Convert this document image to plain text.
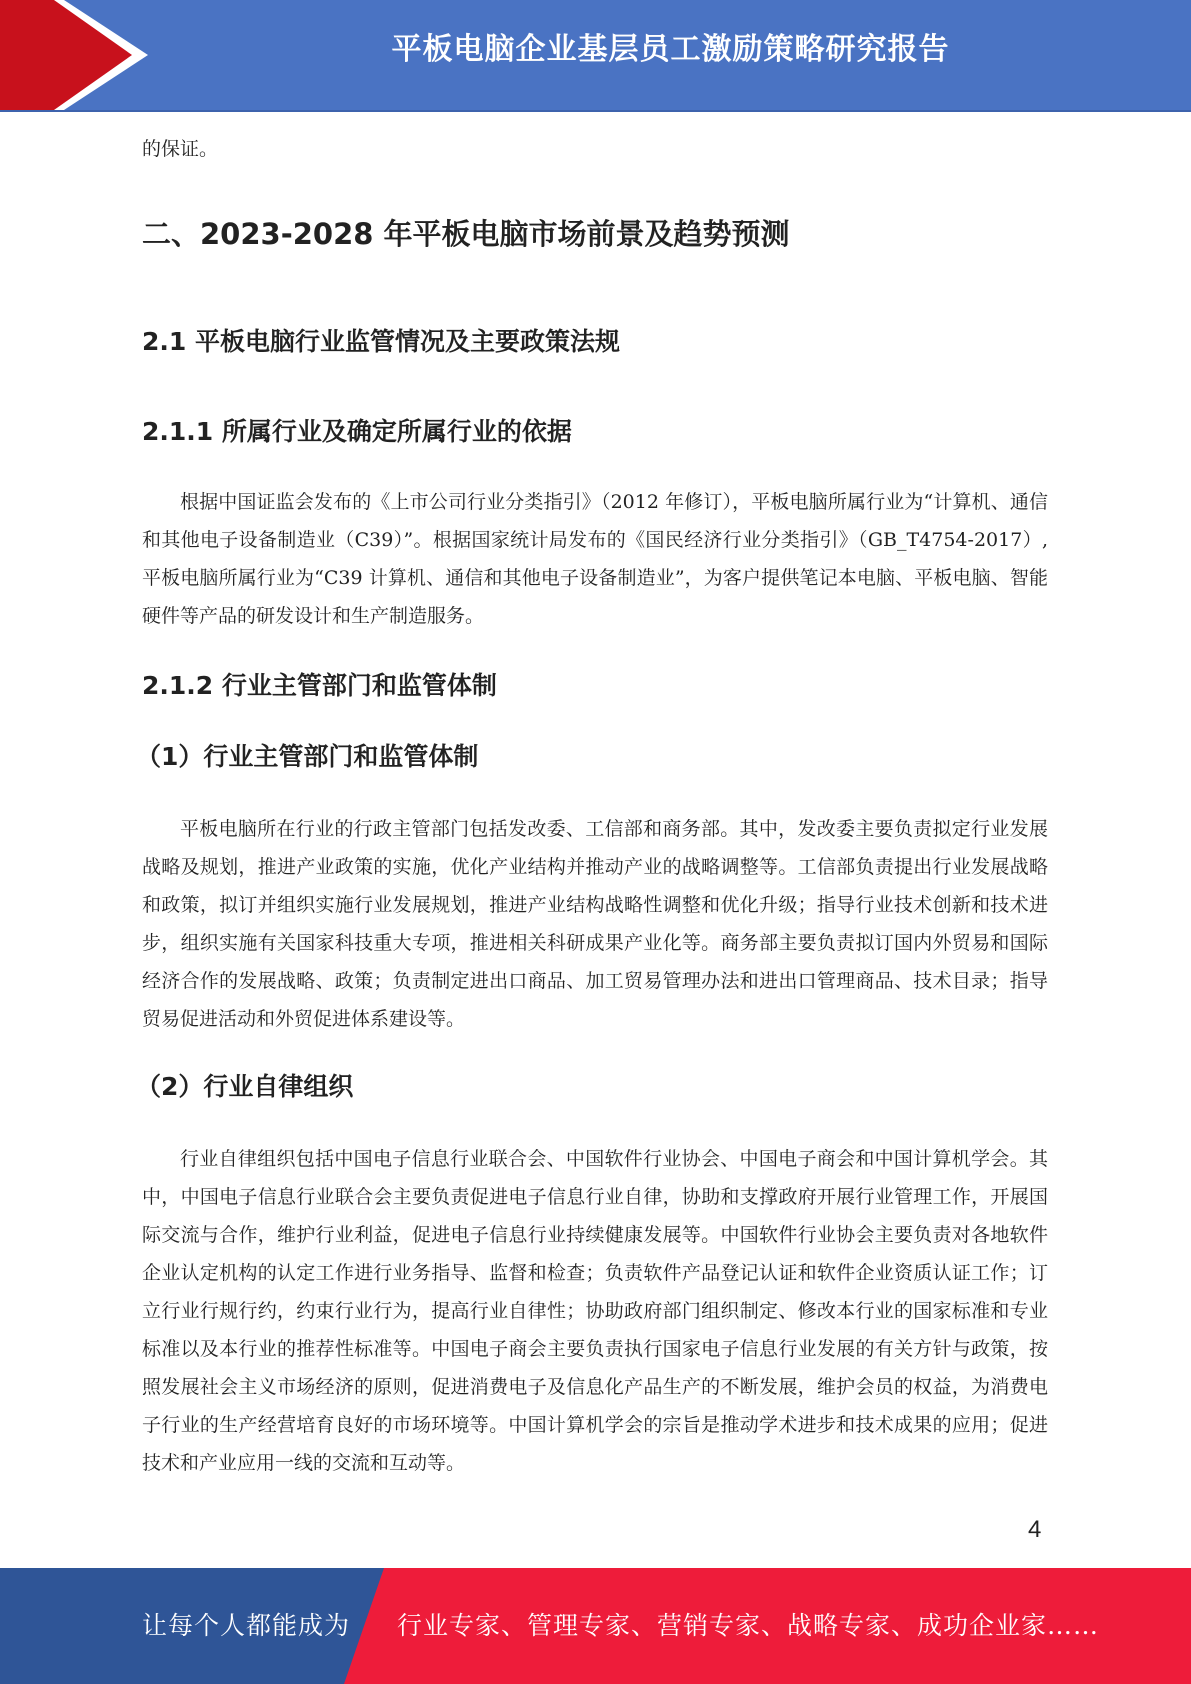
平板电脑企业基层员工激励策略研究报告

的保证。

二、2023-2028 年平板电脑市场前景及趋势预测
2.1 平板电脑行业监管情况及主要政策法规
2.1.1 所属行业及确定所属行业的依据

根据中国证监会发布的《上市公司行业分类指引》（2012 年修订），平板电脑所属行业为“计算机、通信和其他电子设备制造业（C39）”。根据国家统计局发布的《国民经济行业分类指引》（GB_T4754-2017）,平板电脑所属行业为“C39 计算机、通信和其他电子设备制造业”，为客户提供笔记本电脑、平板电脑、智能硬件等产品的研发设计和生产制造服务。

2.1.2 行业主管部门和监管体制
（1）行业主管部门和监管体制

平板电脑所在行业的行政主管部门包括发改委、工信部和商务部。其中，发改委主要负责拟定行业发展战略及规划，推进产业政策的实施，优化产业结构并推动产业的战略调整等。工信部负责提出行业发展战略和政策，拟订并组织实施行业发展规划，推进产业结构战略性调整和优化升级；指导行业技术创新和技术进步，组织实施有关国家科技重大专项，推进相关科研成果产业化等。商务部主要负责拟订国内外贸易和国际经济合作的发展战略、政策；负责制定进出口商品、加工贸易管理办法和进出口管理商品、技术目录；指导贸易促进活动和外贸促进体系建设等。

（2）行业自律组织

行业自律组织包括中国电子信息行业联合会、中国软件行业协会、中国电子商会和中国计算机学会。其中，中国电子信息行业联合会主要负责促进电子信息行业自律，协助和支撑政府开展行业管理工作，开展国际交流与合作，维护行业利益，促进电子信息行业持续健康发展等。中国软件行业协会主要负责对各地软件企业认定机构的认定工作进行业务指导、监督和检查；负责软件产品登记认证和软件企业资质认证工作；订立行业行规行约，约束行业行为，提高行业自律性；协助政府部门组织制定、修改本行业的国家标准和专业标准以及本行业的推荐性标准等。中国电子商会主要负责执行国家电子信息行业发展的有关方针与政策，按照发展社会主义市场经济的原则，促进消费电子及信息化产品生产的不断发展，维护会员的权益，为消费电子行业的生产经营培育良好的市场环境等。中国计算机学会的宗旨是推动学术进步和技术成果的应用；促进技术和产业应用一线的交流和互动等。

4
让每个人都能成为 行业专家、管理专家、营销专家、战略专家、成功企业家……
